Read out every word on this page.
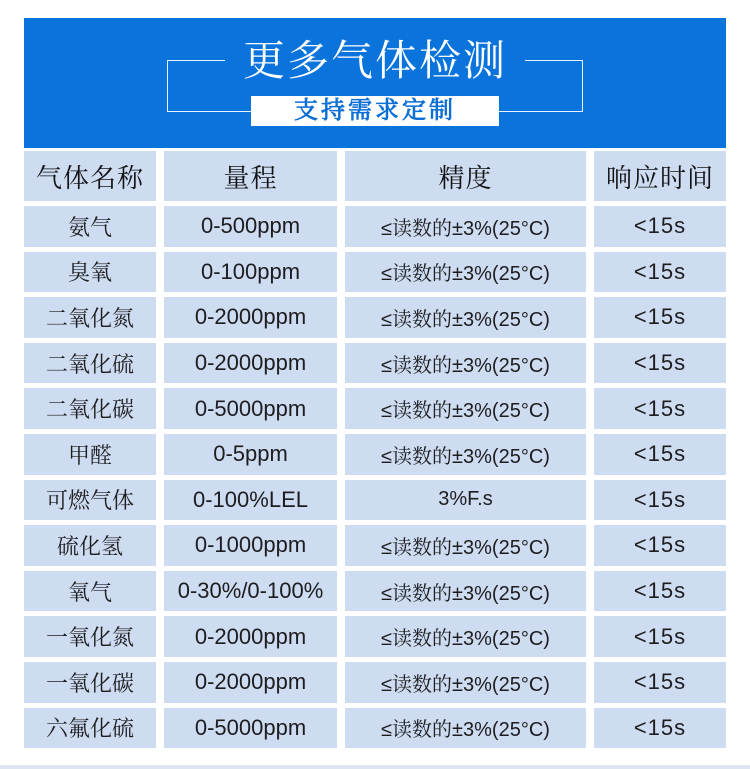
更多气体检测
支持需求定制
气体名称	量程	精度	响应时间
氨气	0-500ppm	≤读数的±3%(25°C)	<15s
臭氧	0-100ppm	≤读数的±3%(25°C)	<15s
二氧化氮	0-2000ppm	≤读数的±3%(25°C)	<15s
二氧化硫	0-2000ppm	≤读数的±3%(25°C)	<15s
二氧化碳	0-5000ppm	≤读数的±3%(25°C)	<15s
甲醛	0-5ppm	≤读数的±3%(25°C)	<15s
可燃气体	0-100%LEL	3%F.s	<15s
硫化氢	0-1000ppm	≤读数的±3%(25°C)	<15s
氧气	0-30%/0-100%	≤读数的±3%(25°C)	<15s
一氧化氮	0-2000ppm	≤读数的±3%(25°C)	<15s
一氧化碳	0-2000ppm	≤读数的±3%(25°C)	<15s
六氟化硫	0-5000ppm	≤读数的±3%(25°C)	<15s
